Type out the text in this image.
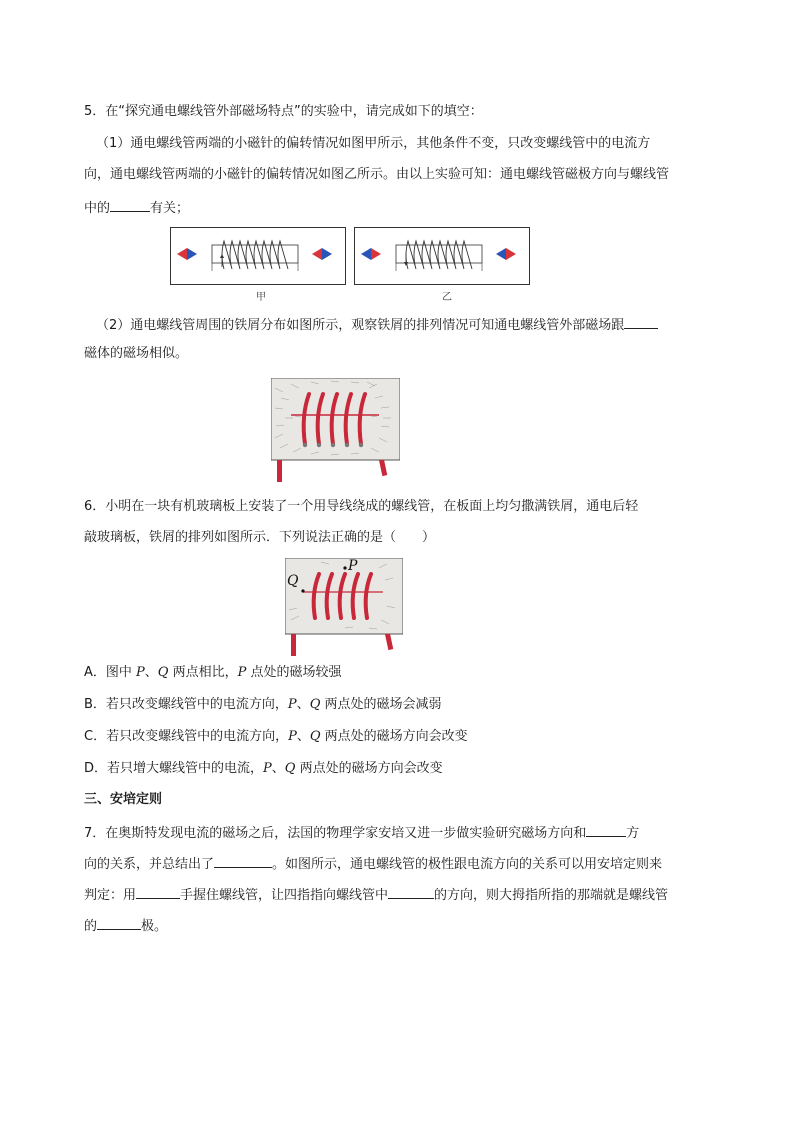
5．在“探究通电螺线管外部磁场特点”的实验中，请完成如下的填空：
（1）通电螺线管两端的小磁针的偏转情况如图甲所示，其他条件不变，只改变螺线管中的电流方
向，通电螺线管两端的小磁针的偏转情况如图乙所示。由以上实验可知：通电螺线管磁极方向与螺线管
中的	有关；
甲	乙
（2）通电螺线管周围的铁屑分布如图所示，观察铁屑的排列情况可知通电螺线管外部磁场跟
磁体的磁场相似。
6．小明在一块有机玻璃板上安装了一个用导线绕成的螺线管，在板面上均匀撒满铁屑，通电后轻
敲玻璃板，铁屑的排列如图所示．下列说法正确的是（　　）
P
Q
A．图中 P、Q 两点相比，P 点处的磁场较强
B．若只改变螺线管中的电流方向，P、Q 两点处的磁场会减弱
C．若只改变螺线管中的电流方向，P、Q 两点处的磁场方向会改变
D．若只增大螺线管中的电流，P、Q 两点处的磁场方向会改变
三、安培定则
7．在奥斯特发现电流的磁场之后，法国的物理学家安培又进一步做实验研究磁场方向和	方
向的关系，并总结出了	。如图所示，通电螺线管的极性跟电流方向的关系可以用安培定则来
判定：用	手握住螺线管，让四指指向螺线管中	的方向，则大拇指所指的那端就是螺线管
的	极。
